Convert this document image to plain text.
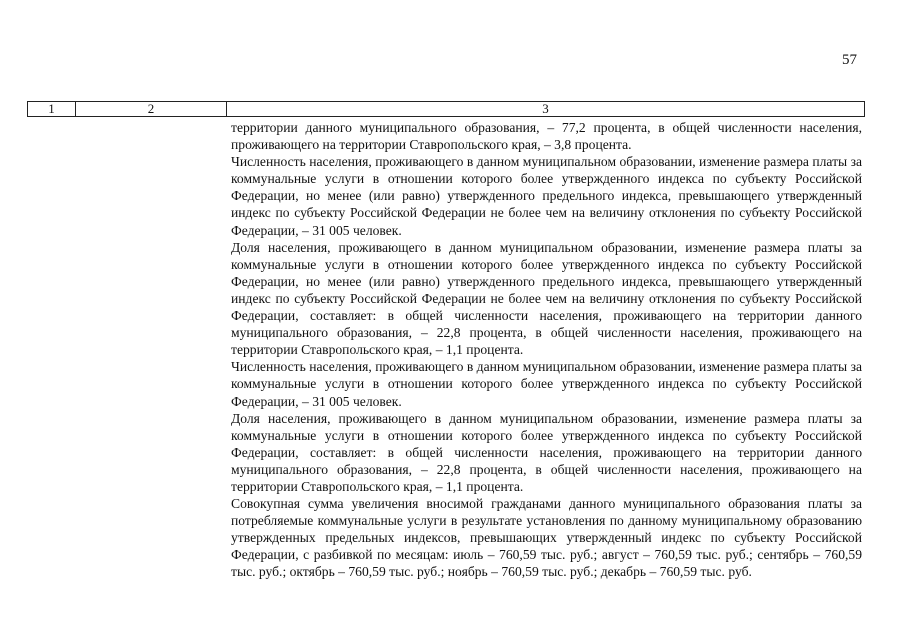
57
1	2	3

территории данного муниципального образования, – 77,2 процента, в общей численности населения, проживающего на территории Ставропольского края, – 3,8 процента.

Численность населения, проживающего в данном муниципальном образовании, изменение размера платы за коммунальные услуги в отношении которого более утвержденного индекса по субъекту Российской Федерации, но менее (или равно) утвержденного предельного индекса, превышающего утвержденный индекс по субъекту Российской Федерации не более чем на величину отклонения по субъекту Российской Федерации, – 31 005 человек.

Доля населения, проживающего в данном муниципальном образовании, изменение размера платы за коммунальные услуги в отношении которого более утвержденного индекса по субъекту Российской Федерации, но менее (или равно) утвержденного предельного индекса, превышающего утвержденный индекс по субъекту Российской Федерации не более чем на величину отклонения по субъекту Российской Федерации, составляет: в общей численности населения, проживающего на территории данного муниципального образования, – 22,8 процента, в общей численности населения, проживающего на территории Ставропольского края, – 1,1 процента.

Численность населения, проживающего в данном муниципальном образовании, изменение размера платы за коммунальные услуги в отношении которого более утвержденного индекса по субъекту Российской Федерации, – 31 005 человек.

Доля населения, проживающего в данном муниципальном образовании, изменение размера платы за коммунальные услуги в отношении которого более утвержденного индекса по субъекту Российской Федерации, составляет: в общей численности населения, проживающего на территории данного муниципального образования, – 22,8 процента, в общей численности населения, проживающего на территории Ставропольского края, – 1,1 процента.

Совокупная сумма увеличения вносимой гражданами данного муниципального образования платы за потребляемые коммунальные услуги в результате установления по данному муниципальному образованию утвержденных предельных индексов, превышающих утвержденный индекс по субъекту Российской Федерации, с разбивкой по месяцам: июль – 760,59 тыс. руб.; август – 760,59 тыс. руб.; сентябрь – 760,59 тыс. руб.; октябрь – 760,59 тыс. руб.; ноябрь – 760,59 тыс. руб.; декабрь – 760,59 тыс. руб.
